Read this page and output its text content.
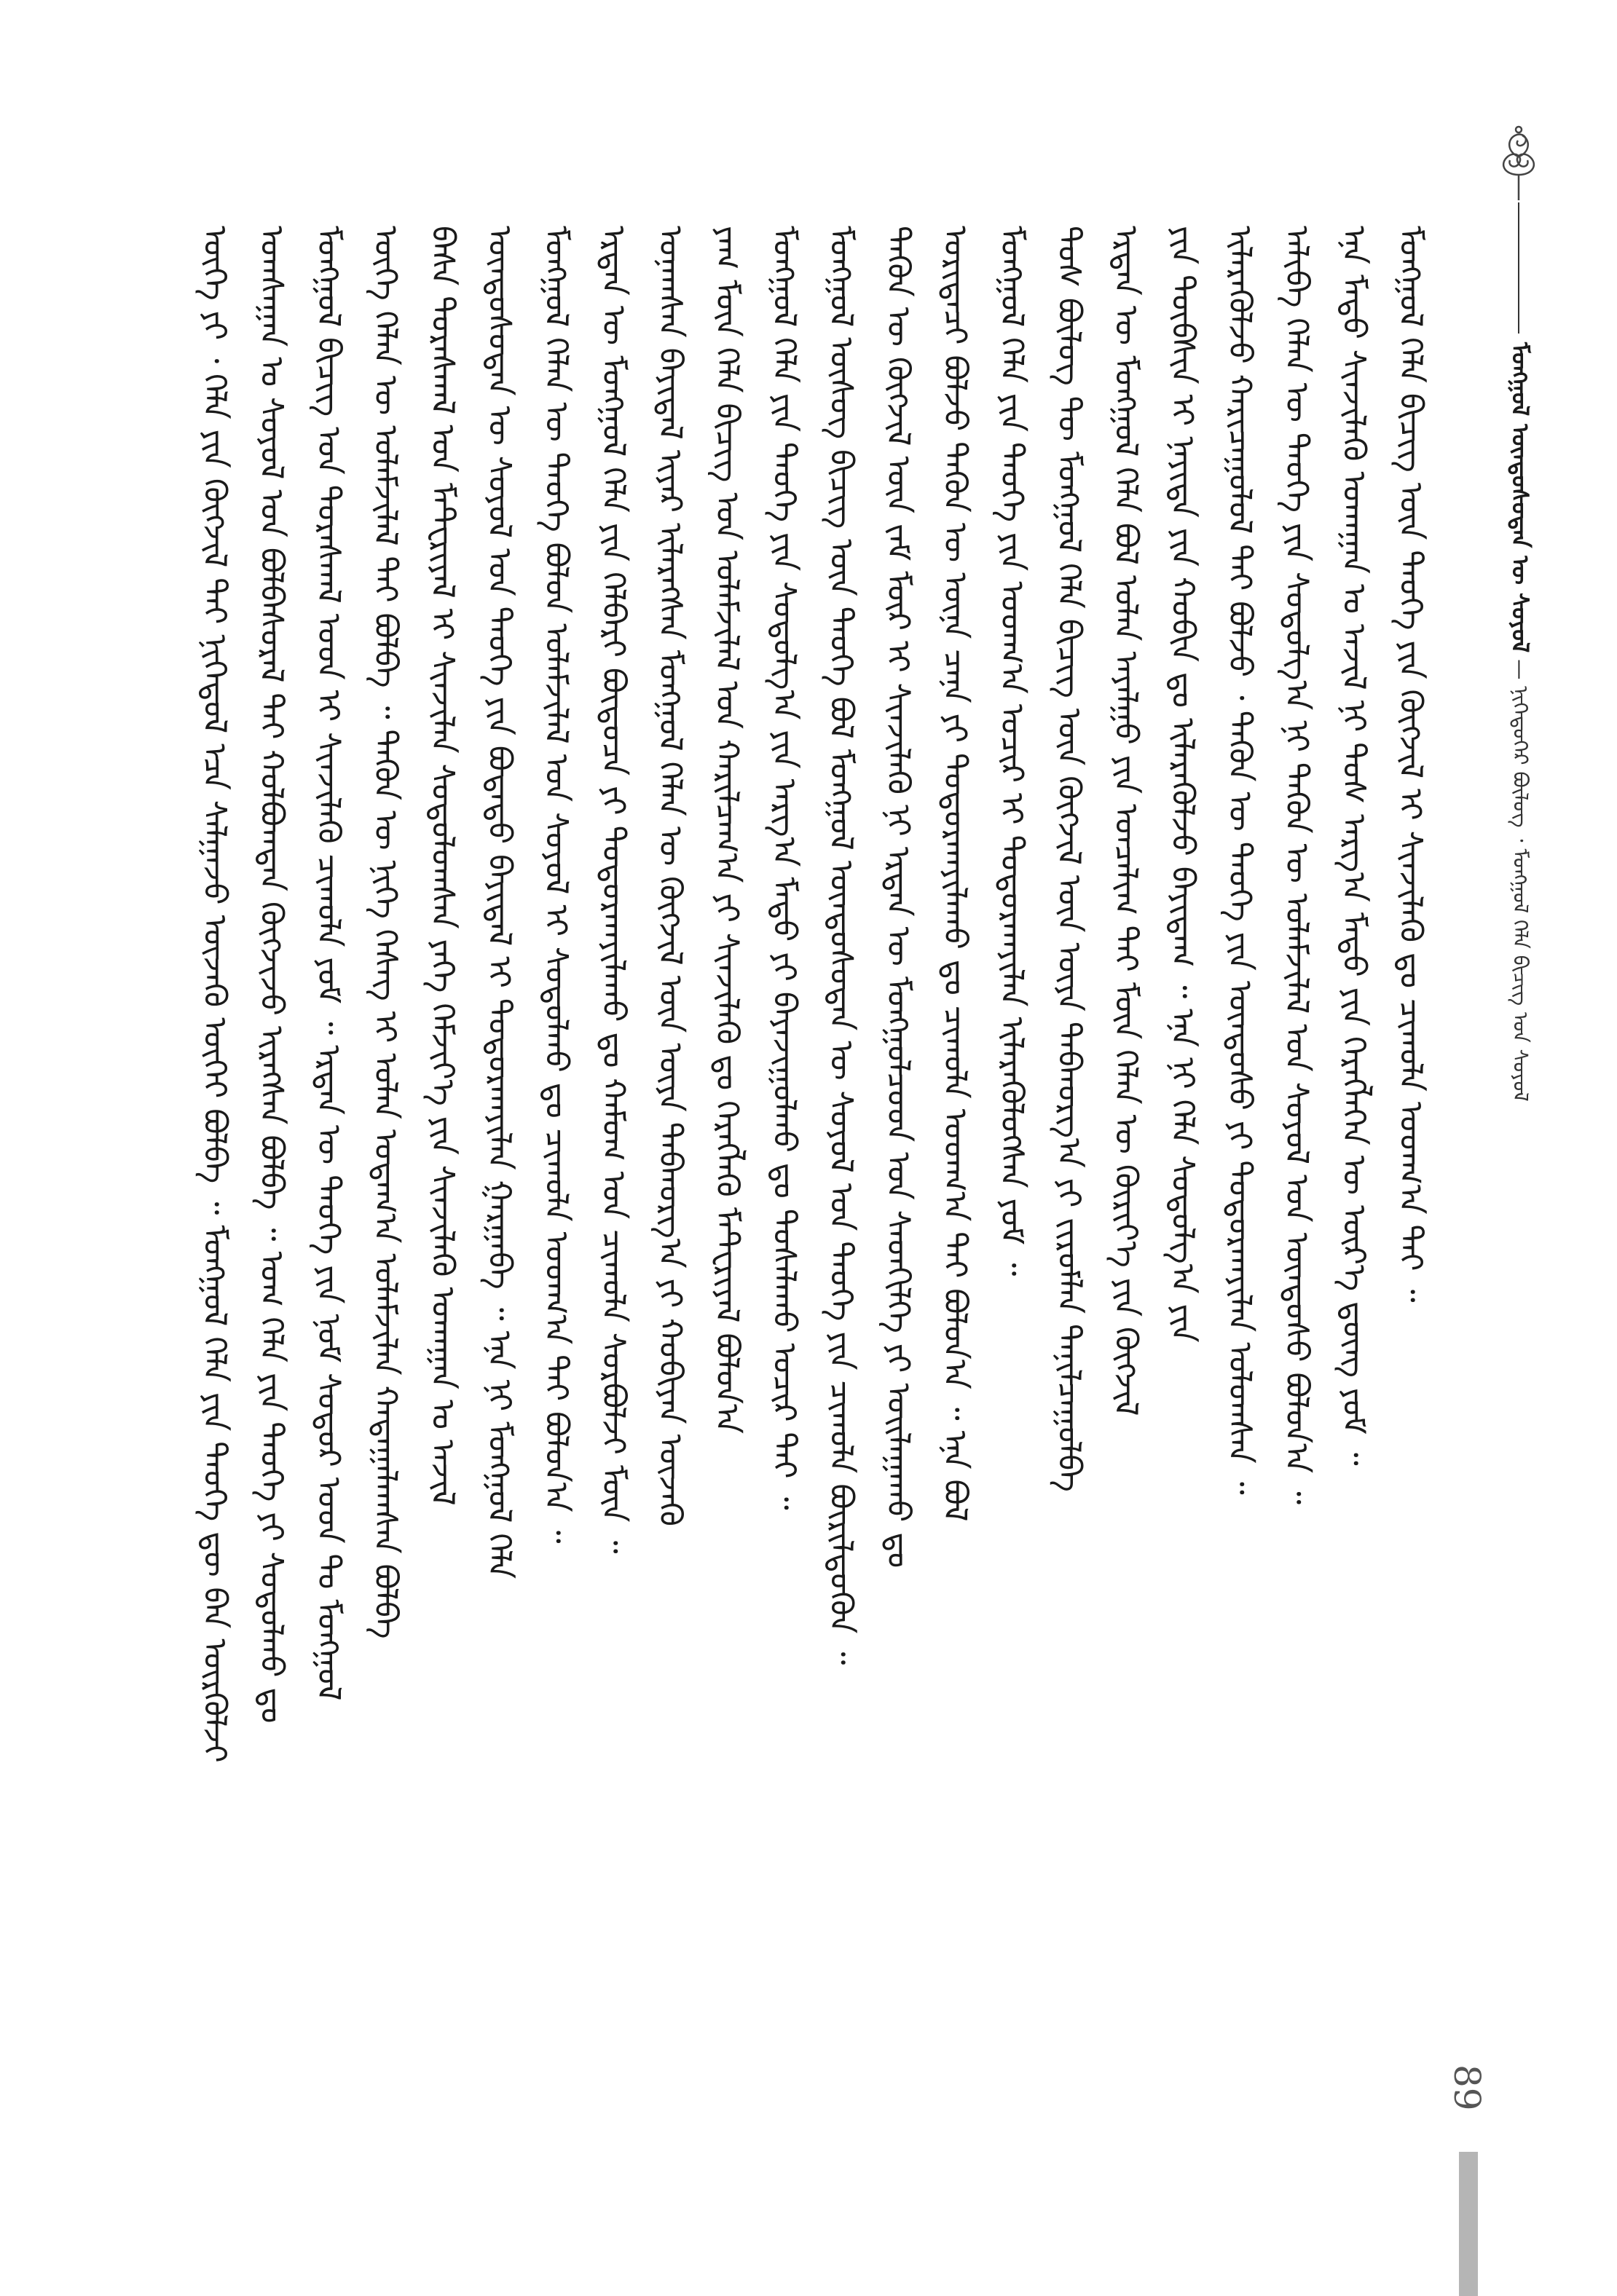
ᠮᠣᠩᠭᠣᠯ ᠦᠨᠳᠦᠰᠦᠲᠡᠨ ᠦ ᠰᠣᠶᠣᠯ — ᠨᠢᠭᠡᠳᠦᠭᠡᠷ ᠪᠦᠯᠦᠭ ᠂ ᠮᠣᠩᠭᠣᠯ ᠬᠡᠯᠡ ᠪᠢᠴᠢᠭ ᠤᠨ ᠰᠣᠶᠣᠯ
ᠦᠭᠡ ᠶᠢ ᠂ ᠬᠡᠯᠡ ᠶᠢᠨ ᠬᠥᠭᠵᠢᠯ ᠲᠡᠢ ᠨᠢᠭᠡᠳᠦᠯ ᠡᠴᠡ ᠰᠠᠯᠭᠠᠵᠤ ᠦᠵᠡᠬᠦ ᠦᠭᠡᠢ ᠪᠣᠯᠪᠠ ᠃ ᠮᠣᠩᠭᠣᠯ ᠬᠡᠯᠡ ᠶᠢᠨ ᠲᠡᠦᠬᠡ ᠳᠦ ᠪᠡᠨ ᠦᠷᠭᠦᠯᠵᠢ ᠤᠭᠰᠠᠭᠠᠨ ᠤ ᠰᠣᠶᠣᠯ ᠤᠨ ᠪᠣᠯᠪᠠᠰᠤᠷᠠᠯ ᠲᠠᠢ ᠬᠣᠯᠪᠣᠭᠳᠠᠨ ᠬᠥᠭᠵᠢᠵᠦ ᠢᠷᠡᠭᠰᠡᠨ ᠪᠣᠯᠪᠠ ᠃ ᠤᠭ ᠬᠡᠯᠡ ᠶᠢᠨ ᠲᠡᠦᠬᠡ ᠶᠢ ᠰᠤᠳᠤᠯᠬᠤ ᠳᠤ ᠮᠣᠩᠭᠣᠯ ᠪᠢᠴᠢᠭ ᠤᠨ ᠳᠤᠷᠠᠰᠬᠠᠯ ᠤᠳ ᠢ ᠰᠢᠨᠵᠢᠯᠡᠬᠦ ᠴᠢᠬᠤᠯᠠ ᠶᠤᠮ ᠃ ᠡᠷᠲᠡᠨ ᠦ ᠲᠡᠦᠬᠡ ᠶᠢᠨ ᠨᠣᠮ ᠰᠤᠳᠤᠷ ᠤᠳ ᠲᠤ ᠮᠣᠩᠭᠣᠯ ᠦᠭᠡ ᠬᠡᠯᠡᠨ ᠦ ᠤᠯᠠᠮᠵᠢᠯᠠᠯ ᠲᠠᠢ ᠪᠣᠯᠪᠠ ᠃ ᠲᠡᠭᠦᠨ ᠦ ᠨᠢᠭᠡ ᠬᠡᠰᠡᠭ ᠢ ᠣᠯᠠᠨ ᠤᠳᠠᠭ᠎ᠠ ᠤᠯᠠᠮᠵᠢᠯᠠᠨ ᠬᠠᠳᠠᠭᠠᠯᠠᠭᠰᠠᠨ ᠪᠣᠯᠪᠠ ᠪᠠᠰᠠ ᠳᠤᠷᠠᠰᠬᠠᠯ ᠤᠨ ᠮᠠᠲ᠋ᠸᠷᠢᠶᠠᠯ ᠢ ᠰᠢᠨᠵᠢᠯᠡᠨ ᠰᠤᠳᠤᠯᠤᠭᠰᠠᠨ ᠶᠡᠬᠡ ᠬᠡᠮᠵᠢᠶ᠎ᠡ ᠶᠢᠨ ᠰᠢᠨᠵᠢᠯᠡᠬᠦ ᠤᠬᠠᠭᠠᠨ ᠤ ᠠᠵᠢᠯ ᠦᠨᠳᠦᠰᠦᠲᠡᠨ ᠦ ᠰᠣᠶᠣᠯ ᠤᠨ ᠲᠡᠦᠬᠡ ᠶᠢᠨ ᠪᠣᠳᠠᠳᠤ ᠪᠠᠶᠢᠳᠠᠯ ᠢ ᠲᠣᠳᠣᠷᠬᠠᠶᠢᠯᠠᠨ ᠭᠠᠷᠭᠠᠪᠠ ᠃ ᠡᠨᠡ ᠨᠢ ᠮᠣᠩᠭᠣᠯ ᠬᠡᠯᠡ ᠮᠣᠩᠭᠣᠯ ᠬᠡᠯᠡᠨ ᠦ ᠲᠡᠦᠬᠡ ᠪᠣᠯᠣᠨ ᠤᠯᠠᠮᠵᠢᠯᠠᠯ ᠤᠨ ᠰᠣᠶᠣᠯ ᠢ ᠰᠤᠳᠤᠯᠬᠤ ᠳᠤ ᠴᠢᠬᠤᠯᠠ ᠤᠳᠬ᠎ᠠ ᠲᠠᠢ ᠪᠣᠯᠤᠨ᠎ᠠ ᠃ ᠡᠷᠲᠡᠨ ᠦ ᠮᠣᠩᠭᠣᠯ ᠬᠡᠯᠡ ᠶᠢᠨ ᠬᠡᠯᠪᠡᠷᠢ ᠪᠦᠲᠦᠴᠡ ᠶᠢ ᠲᠣᠳᠣᠷᠬᠠᠶᠢᠯᠠᠬᠤ ᠳᠤ ᠬᠠᠮᠤᠭ ᠤᠨ ᠴᠢᠬᠤᠯᠠ ᠰᠤᠷᠪᠤᠯᠵᠢ ᠮᠥᠨ ᠃ ᠤᠨᠠᠭᠰᠠᠨ ᠪᠠᠶᠢᠳᠠᠯ ᠢᠶᠠᠷ ᠢᠯᠡᠷᠡᠭᠰᠡᠨ ᠮᠣᠩᠭᠣᠯ ᠬᠡᠯᠡᠨ ᠦ ᠬᠥᠭᠵᠢᠯ ᠦᠨ ᠦᠶᠡ ᠳᠠᠪᠬᠤᠷᠭ᠎ᠠ ᠶᠢ ᠬᠤᠪᠢᠶᠠᠨ ᠦᠵᠡᠬᠦ ᠶᠠᠭ ᠮᠥᠨ ᠬᠡᠯᠡ ᠪᠢᠴᠢᠭ ᠤᠨ ᠤᠯᠠᠮᠵᠢᠯᠠᠯ ᠤᠨ ᠬᠠᠷᠢᠯᠴᠠᠭ᠎ᠠ ᠶᠢ ᠰᠢᠨᠵᠢᠯᠡᠬᠦ ᠳᠤ ᠬᠡᠷᠡᠭᠯᠡᠬᠦ ᠮᠠᠲ᠋ᠸᠷᠢᠶᠠᠯ ᠪᠣᠯᠤᠨ᠎ᠠ ᠮᠣᠩᠭᠣᠯ ᠬᠡᠯᠡ ᠶᠢᠨ ᠲᠡᠦᠬᠡ ᠶᠢᠨ ᠰᠤᠳᠤᠯᠭ᠎ᠠ ᠶᠢᠨ ᠠᠷᠭ᠎ᠠ ᠮᠡᠲᠦ ᠶᠢ ᠪᠠᠶᠠᠵᠢᠭᠤᠯᠬᠤ ᠳᠤ ᠲᠤᠰᠠᠯᠠᠬᠤ ᠤᠴᠢᠷ ᠲᠠᠢ ᠃ ᠮᠣᠩᠭᠣᠯ ᠦᠰᠦᠭ ᠪᠢᠴᠢᠭ ᠦᠨ ᠲᠡᠦᠬᠡ ᠪᠣᠯ ᠮᠣᠩᠭᠣᠯ ᠦᠨᠳᠦᠰᠦᠲᠡᠨ ᠦ ᠰᠣᠶᠣᠯ ᠤᠨ ᠲᠡᠦᠬᠡ ᠶᠢᠨ ᠴᠢᠬᠤᠯᠠ ᠪᠦᠷᠢᠯᠳᠦᠬᠦᠨ ᠃ ᠲᠡᠭᠦᠨ ᠦ ᠬᠥᠭᠵᠢᠯ ᠦᠨ ᠵᠠᠮ ᠮᠥᠷ ᠢ ᠰᠢᠨᠵᠢᠯᠡᠬᠦ ᠨᠢ ᠡᠷᠲᠡᠨ ᠦ ᠮᠣᠩᠭᠣᠯᠴᠤᠳ ᠤᠨ ᠰᠡᠳᠬᠢᠯᠭᠡ ᠶᠢ ᠣᠢᠯᠠᠭᠠᠬᠤ ᠳᠤ ᠤᠷᠢᠳᠠᠴᠢ ᠪᠣᠯᠵᠤ ᠲᠡᠭᠦᠨ ᠦ ᠦᠨᠡ ᠴᠡᠨᠡ ᠶᠢ ᠲᠣᠳᠣᠷᠬᠠᠶᠢᠯᠠᠬᠤ ᠳᠤ ᠴᠢᠬᠤᠯᠠ ᠤᠳᠬ᠎ᠠ ᠲᠠᠢ ᠪᠣᠯᠤᠨ᠎ᠠ ᠃ ᠡᠨᠡ ᠪᠣᠯ ᠮᠣᠩᠭᠣᠯ ᠬᠡᠯᠡ ᠶᠢᠨ ᠲᠡᠦᠬᠡ ᠶᠢᠨ ᠤᠳᠬ᠎ᠠ ᠤᠴᠢᠷ ᠢ ᠲᠣᠳᠣᠷᠬᠠᠶᠢᠯᠠᠨ ᠢᠯᠡᠷᠡᠭᠦᠯᠦᠭᠰᠡᠨ ᠶᠤᠮ ᠃ ᠲᠤᠰ ᠪᠦᠯᠦᠭ ᠲᠦ ᠮᠣᠩᠭᠣᠯ ᠬᠡᠯᠡ ᠪᠢᠴᠢᠭ ᠦᠨ ᠬᠥᠭᠵᠢᠯ ᠦᠨ ᠦᠶᠡ ᠳᠠᠪᠬᠤᠷᠭ᠎ᠠ ᠶᠢ ᠵᠢᠷᠤᠮᠯᠠᠨ ᠲᠠᠨᠢᠯᠴᠠᠭᠤᠯᠪᠠ ᠡᠷᠲᠡᠨ ᠦ ᠮᠣᠩᠭᠣᠯ ᠬᠡᠯᠡ ᠪᠣᠯ ᠣᠯᠠᠨ ᠠᠶᠠᠯᠭᠤ ᠶᠢᠨ ᠣᠨᠴᠠᠯᠢᠭ ᠲᠠᠢ ᠮᠥᠨ ᠬᠡᠯᠡᠨ ᠦ ᠬᠦᠷᠢᠶ᠎ᠡ ᠶᠢᠨ ᠬᠥᠭᠵᠢᠯ ᠶᠢᠨ ᠲᠦᠪᠰᠢᠨ ᠢ ᠨᠡᠶᠢᠲᠡ ᠶᠢᠨ ᠬᠤᠪᠢᠨ ᠳᠤ ᠢᠯᠡᠷᠡᠭᠦᠯᠵᠦ ᠪᠠᠶᠢᠳᠠᠭ ᠃ ᠡᠨᠡ ᠨᠢ ᠬᠡᠯᠡ ᠰᠤᠳᠤᠯᠭ᠎ᠠ ᠶᠢᠨ ᠢᠯᠡᠷᠡᠭᠦᠯᠵᠦ ᠬᠠᠷᠢᠴᠠᠭᠤᠯᠤᠯ ᠲᠠᠢ ᠪᠣᠯᠵᠤ ᠂ ᠲᠡᠭᠦᠨ ᠦ ᠲᠡᠦᠬᠡ ᠶᠢᠨ ᠦᠨᠳᠦᠰᠦ ᠶᠢ ᠲᠣᠳᠣᠷᠬᠠᠶᠢᠯᠠᠨ ᠣᠯᠤᠭᠰᠠᠨ ᠃ ᠠᠯᠢᠪᠠ ᠬᠡᠯᠡᠨ ᠦ ᠲᠡᠦᠬᠡ ᠶᠢᠨ ᠰᠤᠳᠤᠯᠭ᠎ᠠ ᠨᠢ ᠲᠡᠭᠦᠨ ᠦ ᠤᠯᠠᠮᠵᠢᠯᠠᠯ ᠤᠨ ᠰᠣᠶᠣᠯ ᠤᠨ ᠦᠨᠳᠦᠰᠦ ᠪᠣᠯᠤᠨ᠎ᠠ ᠃ ᠡᠨᠡ ᠮᠡᠲᠦ ᠰᠢᠨᠵᠢᠯᠡᠬᠦ ᠤᠬᠠᠭᠠᠨ ᠤ ᠠᠵᠢᠯ ᠨᠢ ᠲᠤᠰ ᠠᠷᠭ᠎ᠠ ᠮᠡᠲᠦ ᠶᠢᠨ ᠬᠡᠷᠡᠭᠯᠡᠭᠡᠨ ᠦ ᠦᠷ᠎ᠡ ᠳ᠋ᠦᠩ ᠶᠤᠮ ᠃ ᠮᠣᠩᠭᠣᠯ ᠬᠡᠯᠡ ᠪᠢᠴᠢᠭ ᠦᠨ ᠲᠡᠦᠬᠡ ᠶᠢᠨ ᠬᠥᠭᠵᠢᠯ ᠢ ᠰᠢᠨᠵᠢᠯᠡᠬᠦ ᠳᠤ ᠴᠢᠬᠤᠯᠠ ᠤᠳᠬ᠎ᠠ ᠲᠠᠢ ᠃
89
